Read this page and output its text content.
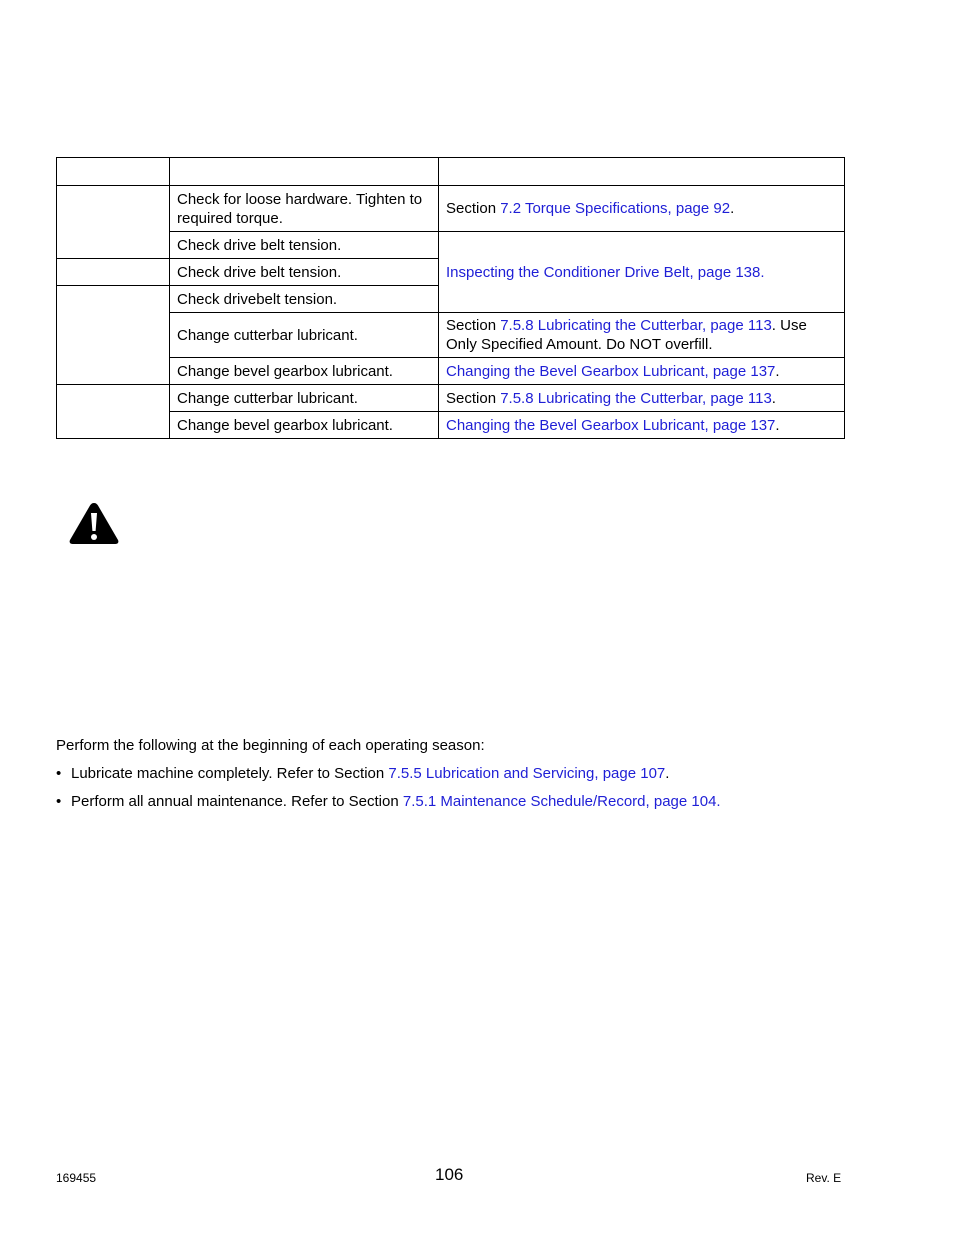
	Check for loose hardware. Tighten to required torque.	Section 7.2 Torque Specifications, page 92.
	Check drive belt tension.	Inspecting the Conditioner Drive Belt, page 138.
	Check drive belt tension.	
	Check drivebelt tension.	
	Change cutterbar lubricant.	Section 7.5.8 Lubricating the Cutterbar, page 113. Use Only Specified Amount. Do NOT overfill.
	Change bevel gearbox lubricant.	Changing the Bevel Gearbox Lubricant, page 137.
	Change cutterbar lubricant.	Section 7.5.8 Lubricating the Cutterbar, page 113.
	Change bevel gearbox lubricant.	Changing the Bevel Gearbox Lubricant, page 137.
Perform the following at the beginning of each operating season:
• Lubricate machine completely. Refer to Section 7.5.5 Lubrication and Servicing, page 107.
• Perform all annual maintenance. Refer to Section 7.5.1 Maintenance Schedule/Record, page 104.
169455	106	Rev. E
